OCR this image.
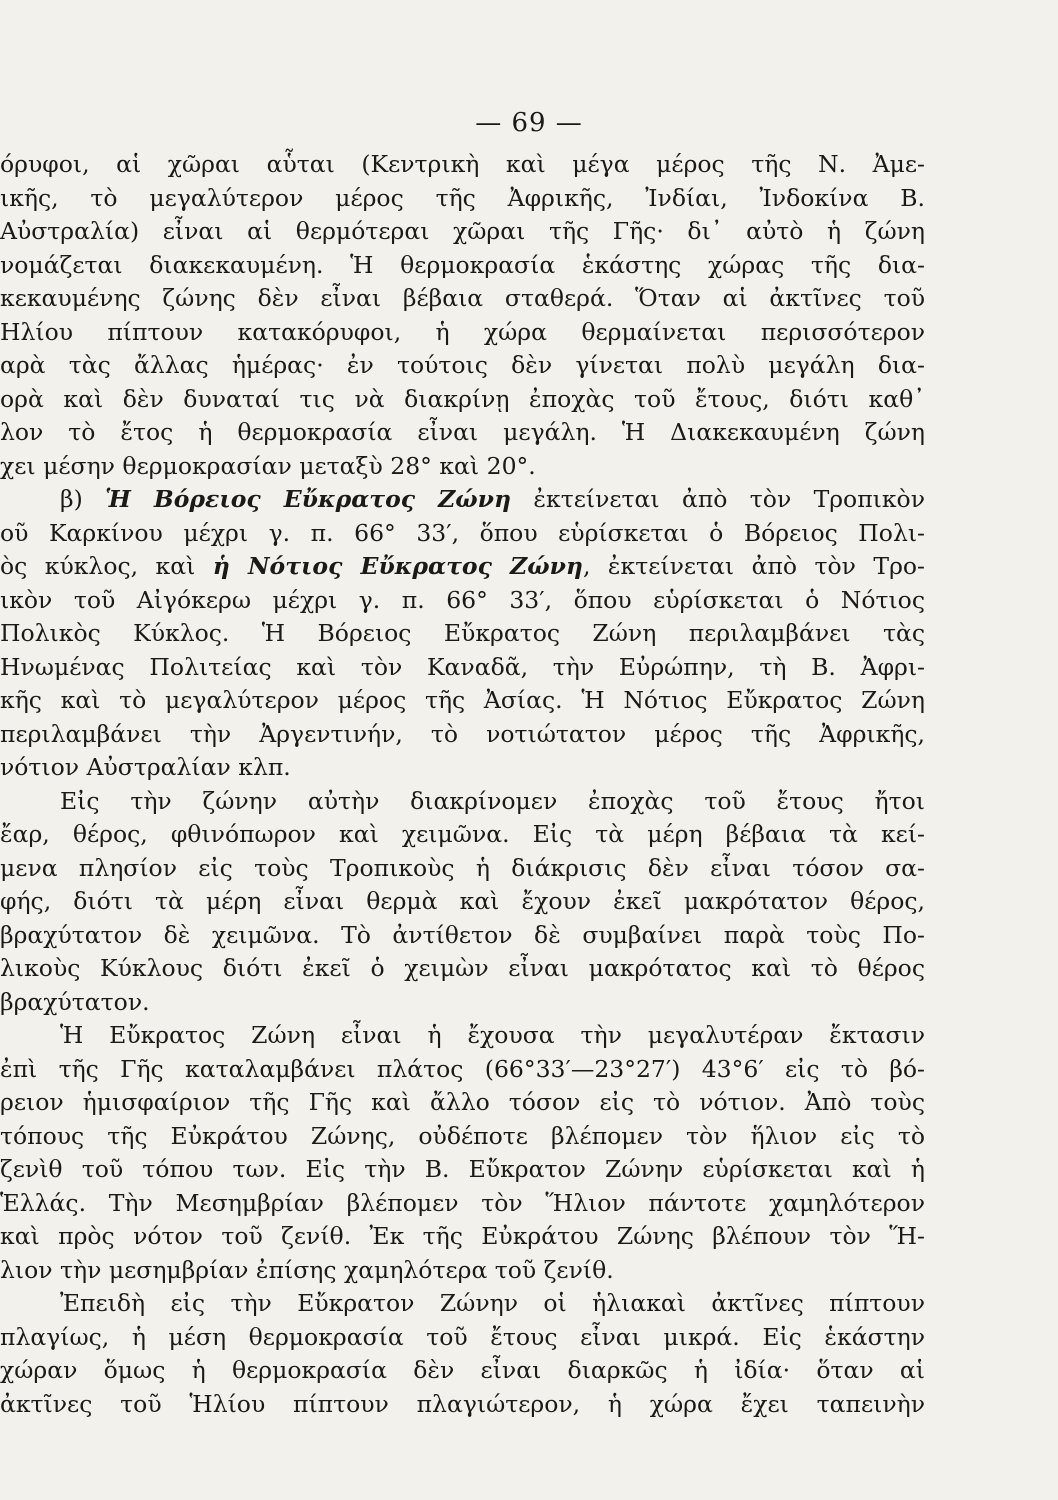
— 69 —
όρυφοι, αἱ χῶραι αὗται (Κεντρικὴ καὶ μέγα μέρος τῆς Ν. Ἀμε-
ικῆς, τὸ μεγαλύτερον μέρος τῆς Ἀφρικῆς, Ἰνδίαι, Ἰνδοκίνα Β.
Αὐστραλία) εἶναι αἱ θερμότεραι χῶραι τῆς Γῆς· δι᾽ αὐτὸ ἡ ζώνη
νομάζεται διακεκαυμένη. Ἡ θερμοκρασία ἑκάστης χώρας τῆς δια-
κεκαυμένης ζώνης δὲν εἶναι βέβαια σταθερά. Ὅταν αἱ ἀκτῖνες τοῦ
Ηλίου πίπτουν κατακόρυφοι, ἡ χώρα θερμαίνεται περισσότερον
αρὰ τὰς ἄλλας ἡμέρας· ἐν τούτοις δὲν γίνεται πολὺ μεγάλη δια-
ορὰ καὶ δὲν δυναταί τις νὰ διακρίνῃ ἐποχὰς τοῦ ἔτους, διότι καθ᾽
λον τὸ ἔτος ἡ θερμοκρασία εἶναι μεγάλη. Ἡ Διακεκαυμένη ζώνη
χει μέσην θερμοκρασίαν μεταξὺ 28° καὶ 20°.
β) Ἡ Βόρειος Εὔκρατος Ζώνη ἐκτείνεται ἀπὸ τὸν Τροπικὸν
οῦ Καρκίνου μέχρι γ. π. 66° 33′, ὅπου εὑρίσκεται ὁ Βόρειος Πολι-
ὸς κύκλος, καὶ ἡ Νότιος Εὔκρατος Ζώνη, ἐκτείνεται ἀπὸ τὸν Τρο-
ικὸν τοῦ Αἰγόκερω μέχρι γ. π. 66° 33′, ὅπου εὑρίσκεται ὁ Νότιος
Πολικὸς Κύκλος. Ἡ Βόρειος Εὔκρατος Ζώνη περιλαμβάνει τὰς
Ηνωμένας Πολιτείας καὶ τὸν Καναδᾶ, τὴν Εὐρώπην, τὴ Β. Ἀφρι-
κῆς καὶ τὸ μεγαλύτερον μέρος τῆς Ἀσίας. Ἡ Νότιος Εὔκρατος Ζώνη
περιλαμβάνει τὴν Ἀργεντινήν, τὸ νοτιώτατον μέρος τῆς Ἀφρικῆς,
νότιον Αὐστραλίαν κλπ.
Εἰς τὴν ζώνην αὐτὴν διακρίνομεν ἐποχὰς τοῦ ἔτους ἤτοι
ἔαρ, θέρος, φθινόπωρον καὶ χειμῶνα. Εἰς τὰ μέρη βέβαια τὰ κεί-
μενα πλησίον εἰς τοὺς Τροπικοὺς ἡ διάκρισις δὲν εἶναι τόσον σα-
φής, διότι τὰ μέρη εἶναι θερμὰ καὶ ἔχουν ἐκεῖ μακρότατον θέρος,
βραχύτατον δὲ χειμῶνα. Τὸ ἀντίθετον δὲ συμβαίνει παρὰ τοὺς Πο-
λικοὺς Κύκλους διότι ἐκεῖ ὁ χειμὼν εἶναι μακρότατος καὶ τὸ θέρος
βραχύτατον.
Ἡ Εὔκρατος Ζώνη εἶναι ἡ ἔχουσα τὴν μεγαλυτέραν ἔκτασιν
ἐπὶ τῆς Γῆς καταλαμβάνει πλάτος (66°33′—23°27′) 43°6′ εἰς τὸ βό-
ρειον ἡμισφαίριον τῆς Γῆς καὶ ἄλλο τόσον εἰς τὸ νότιον. Ἀπὸ τοὺς
τόπους τῆς Εὐκράτου Ζώνης, οὐδέποτε βλέπομεν τὸν ἥλιον εἰς τὸ
ζενὶθ τοῦ τόπου των. Εἰς τὴν Β. Εὔκρατον Ζώνην εὑρίσκεται καὶ ἡ
Ἑλλάς. Τὴν Μεσημβρίαν βλέπομεν τὸν Ἥλιον πάντοτε χαμηλότερον
καὶ πρὸς νότον τοῦ ζενίθ. Ἐκ τῆς Εὐκράτου Ζώνης βλέπουν τὸν Ἥ-
λιον τὴν μεσημβρίαν ἐπίσης χαμηλότερα τοῦ ζενίθ.
Ἐπειδὴ εἰς τὴν Εὔκρατον Ζώνην οἱ ἡλιακαὶ ἀκτῖνες πίπτουν
πλαγίως, ἡ μέση θερμοκρασία τοῦ ἔτους εἶναι μικρά. Εἰς ἑκάστην
χώραν ὅμως ἡ θερμοκρασία δὲν εἶναι διαρκῶς ἡ ἰδία· ὅταν αἱ
ἀκτῖνες τοῦ Ἡλίου πίπτουν πλαγιώτερον, ἡ χώρα ἔχει ταπεινὴν
